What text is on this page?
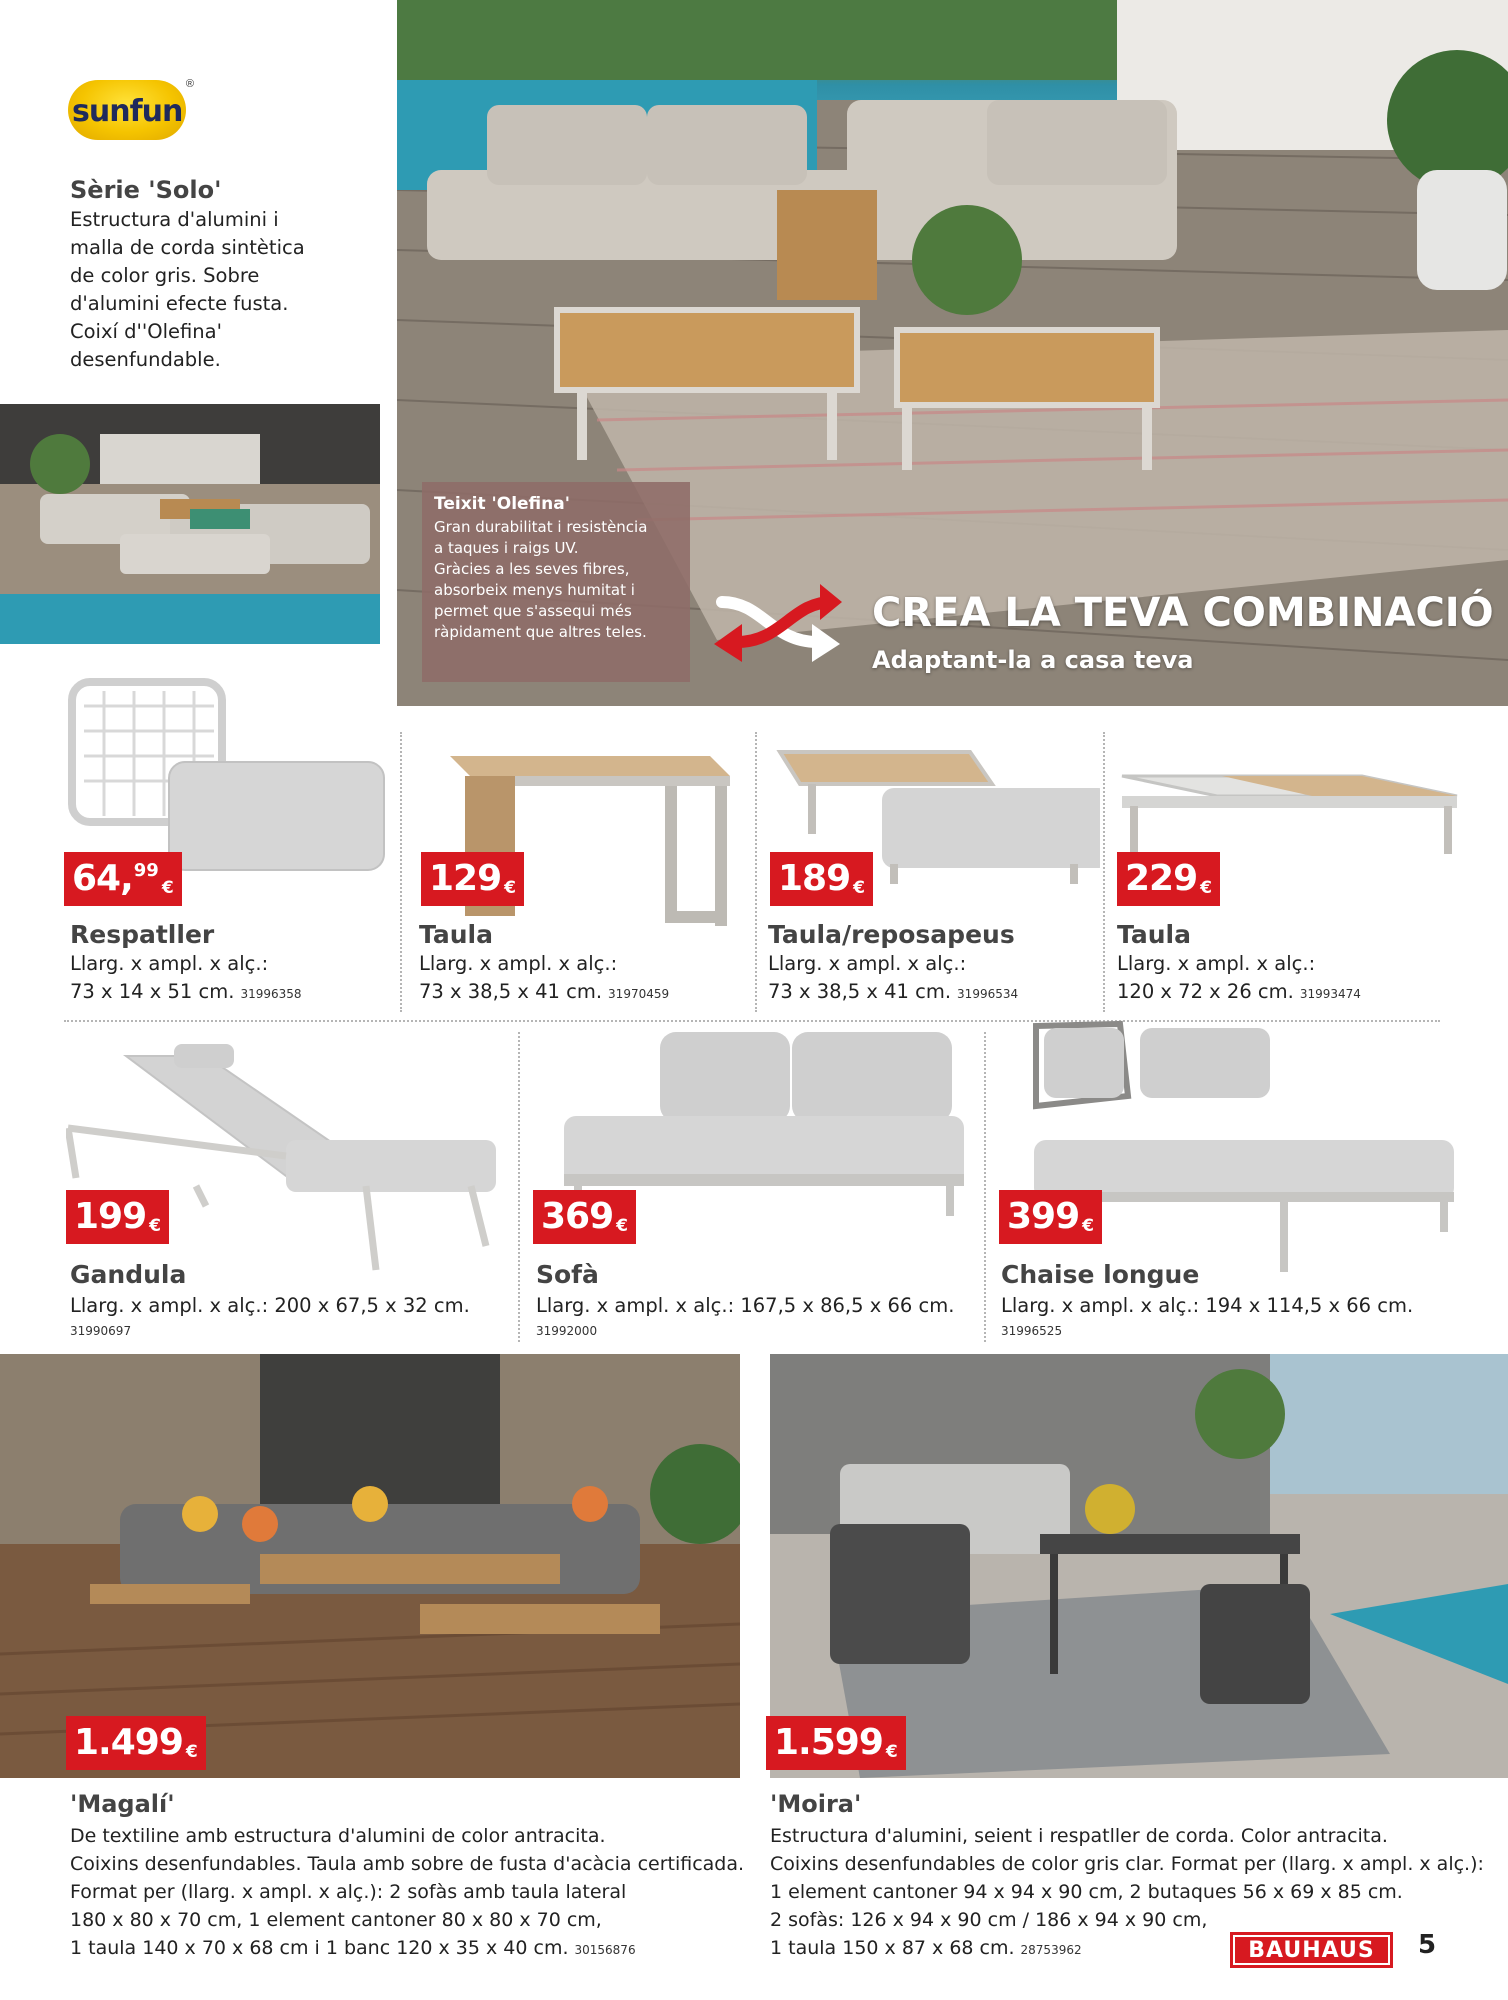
sunfun
®
Sèrie 'Solo'
Estructura d'alumini i
malla de corda sintètica
de color gris. Sobre
d'alumini efecte fusta.
Coixí d''Olefina'
desenfundable.
Teixit 'Olefina'
Gran durabilitat i resistència
a taques i raigs UV.
Gràcies a les seves fibres,
absorbeix menys humitat i
permet que s'assequi més
ràpidament que altres teles.	CREA LA TEVA COMBINACIÓ
Adaptant-la a casa teva
64, 99
€	129 €	189 €	229 €
Respatller
Llarg. x ampl. x alç.:
73 x 14 x 51 cm. 31996358
Taula
Llarg. x ampl. x alç.:
73 x 38,5 x 41 cm. 31970459
Taula/reposapeus
Llarg. x ampl. x alç.:
73 x 38,5 x 41 cm. 31996534
Taula
Llarg. x ampl. x alç.:
120 x 72 x 26 cm. 31993474
199 €	369 €	399 €
Gandula
Llarg. x ampl. x alç.: 200 x 67,5 x 32 cm.
31990697
Sofà
Llarg. x ampl. x alç.: 167,5 x 86,5 x 66 cm.
31992000
Chaise longue
Llarg. x ampl. x alç.: 194 x 114,5 x 66 cm.
31996525
1.499 €	1.599 €
'Magalí'
De textiline amb estructura d'alumini de color antracita.
Coixins desenfundables. Taula amb sobre de fusta d'acàcia certificada.
Format per (llarg. x ampl. x alç.): 2 sofàs amb taula lateral
180 x 80 x 70 cm, 1 element cantoner 80 x 80 x 70 cm,
1 taula 140 x 70 x 68 cm i 1 banc 120 x 35 x 40 cm. 30156876
'Moira'
Estructura d'alumini, seient i respatller de corda. Color antracita.
Coixins desenfundables de color gris clar. Format per (llarg. x ampl. x alç.):
1 element cantoner 94 x 94 x 90 cm, 2 butaques 56 x 69 x 85 cm.
2 sofàs: 126 x 94 x 90 cm / 186 x 94 x 90 cm,
1 taula 150 x 87 x 68 cm. 28753962	BAUHAUS	5
